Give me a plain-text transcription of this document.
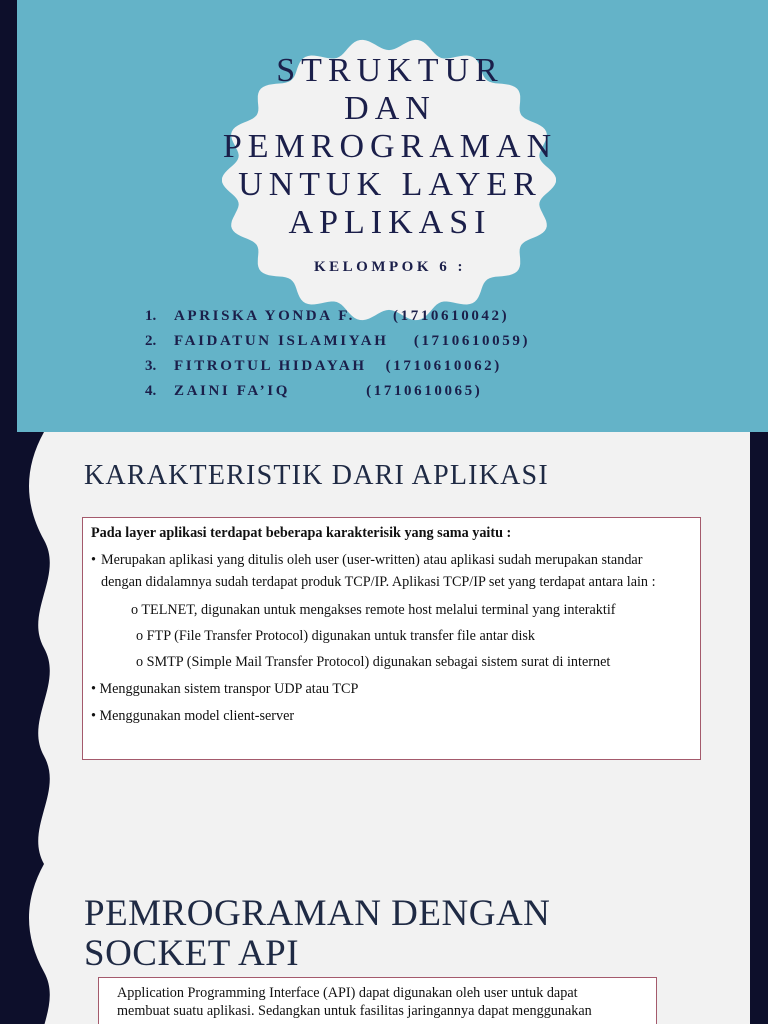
STRUKTUR
DAN
PEMROGRAMAN
UNTUK LAYER
APLIKASI
KELOMPOK 6 :
1.	APRISKA YONDA F.      (1710610042)
2.	FAIDATUN ISLAMIYAH    (1710610059)
3.	FITROTUL HIDAYAH   (1710610062)
4.	ZAINI FA’IQ            (1710610065)
KARAKTERISTIK DARI APLIKASI
Pada layer aplikasi terdapat beberapa karakterisik yang sama yaitu :
• Merupakan aplikasi yang ditulis oleh user (user-written) atau aplikasi sudah merupakan standar dengan didalamnya sudah terdapat produk TCP/IP. Aplikasi TCP/IP set yang terdapat antara lain :
o TELNET, digunakan untuk mengakses remote host melalui terminal yang interaktif
o FTP (File Transfer Protocol) digunakan untuk transfer file antar disk
o SMTP (Simple Mail Transfer Protocol) digunakan sebagai sistem surat di internet
• Menggunakan sistem transpor UDP atau TCP
• Menggunakan model client-server
PEMROGRAMAN DENGAN
SOCKET API
Application Programming Interface (API) dapat digunakan oleh user untuk dapat
membuat suatu aplikasi. Sedangkan untuk fasilitas jaringannya dapat menggunakan
